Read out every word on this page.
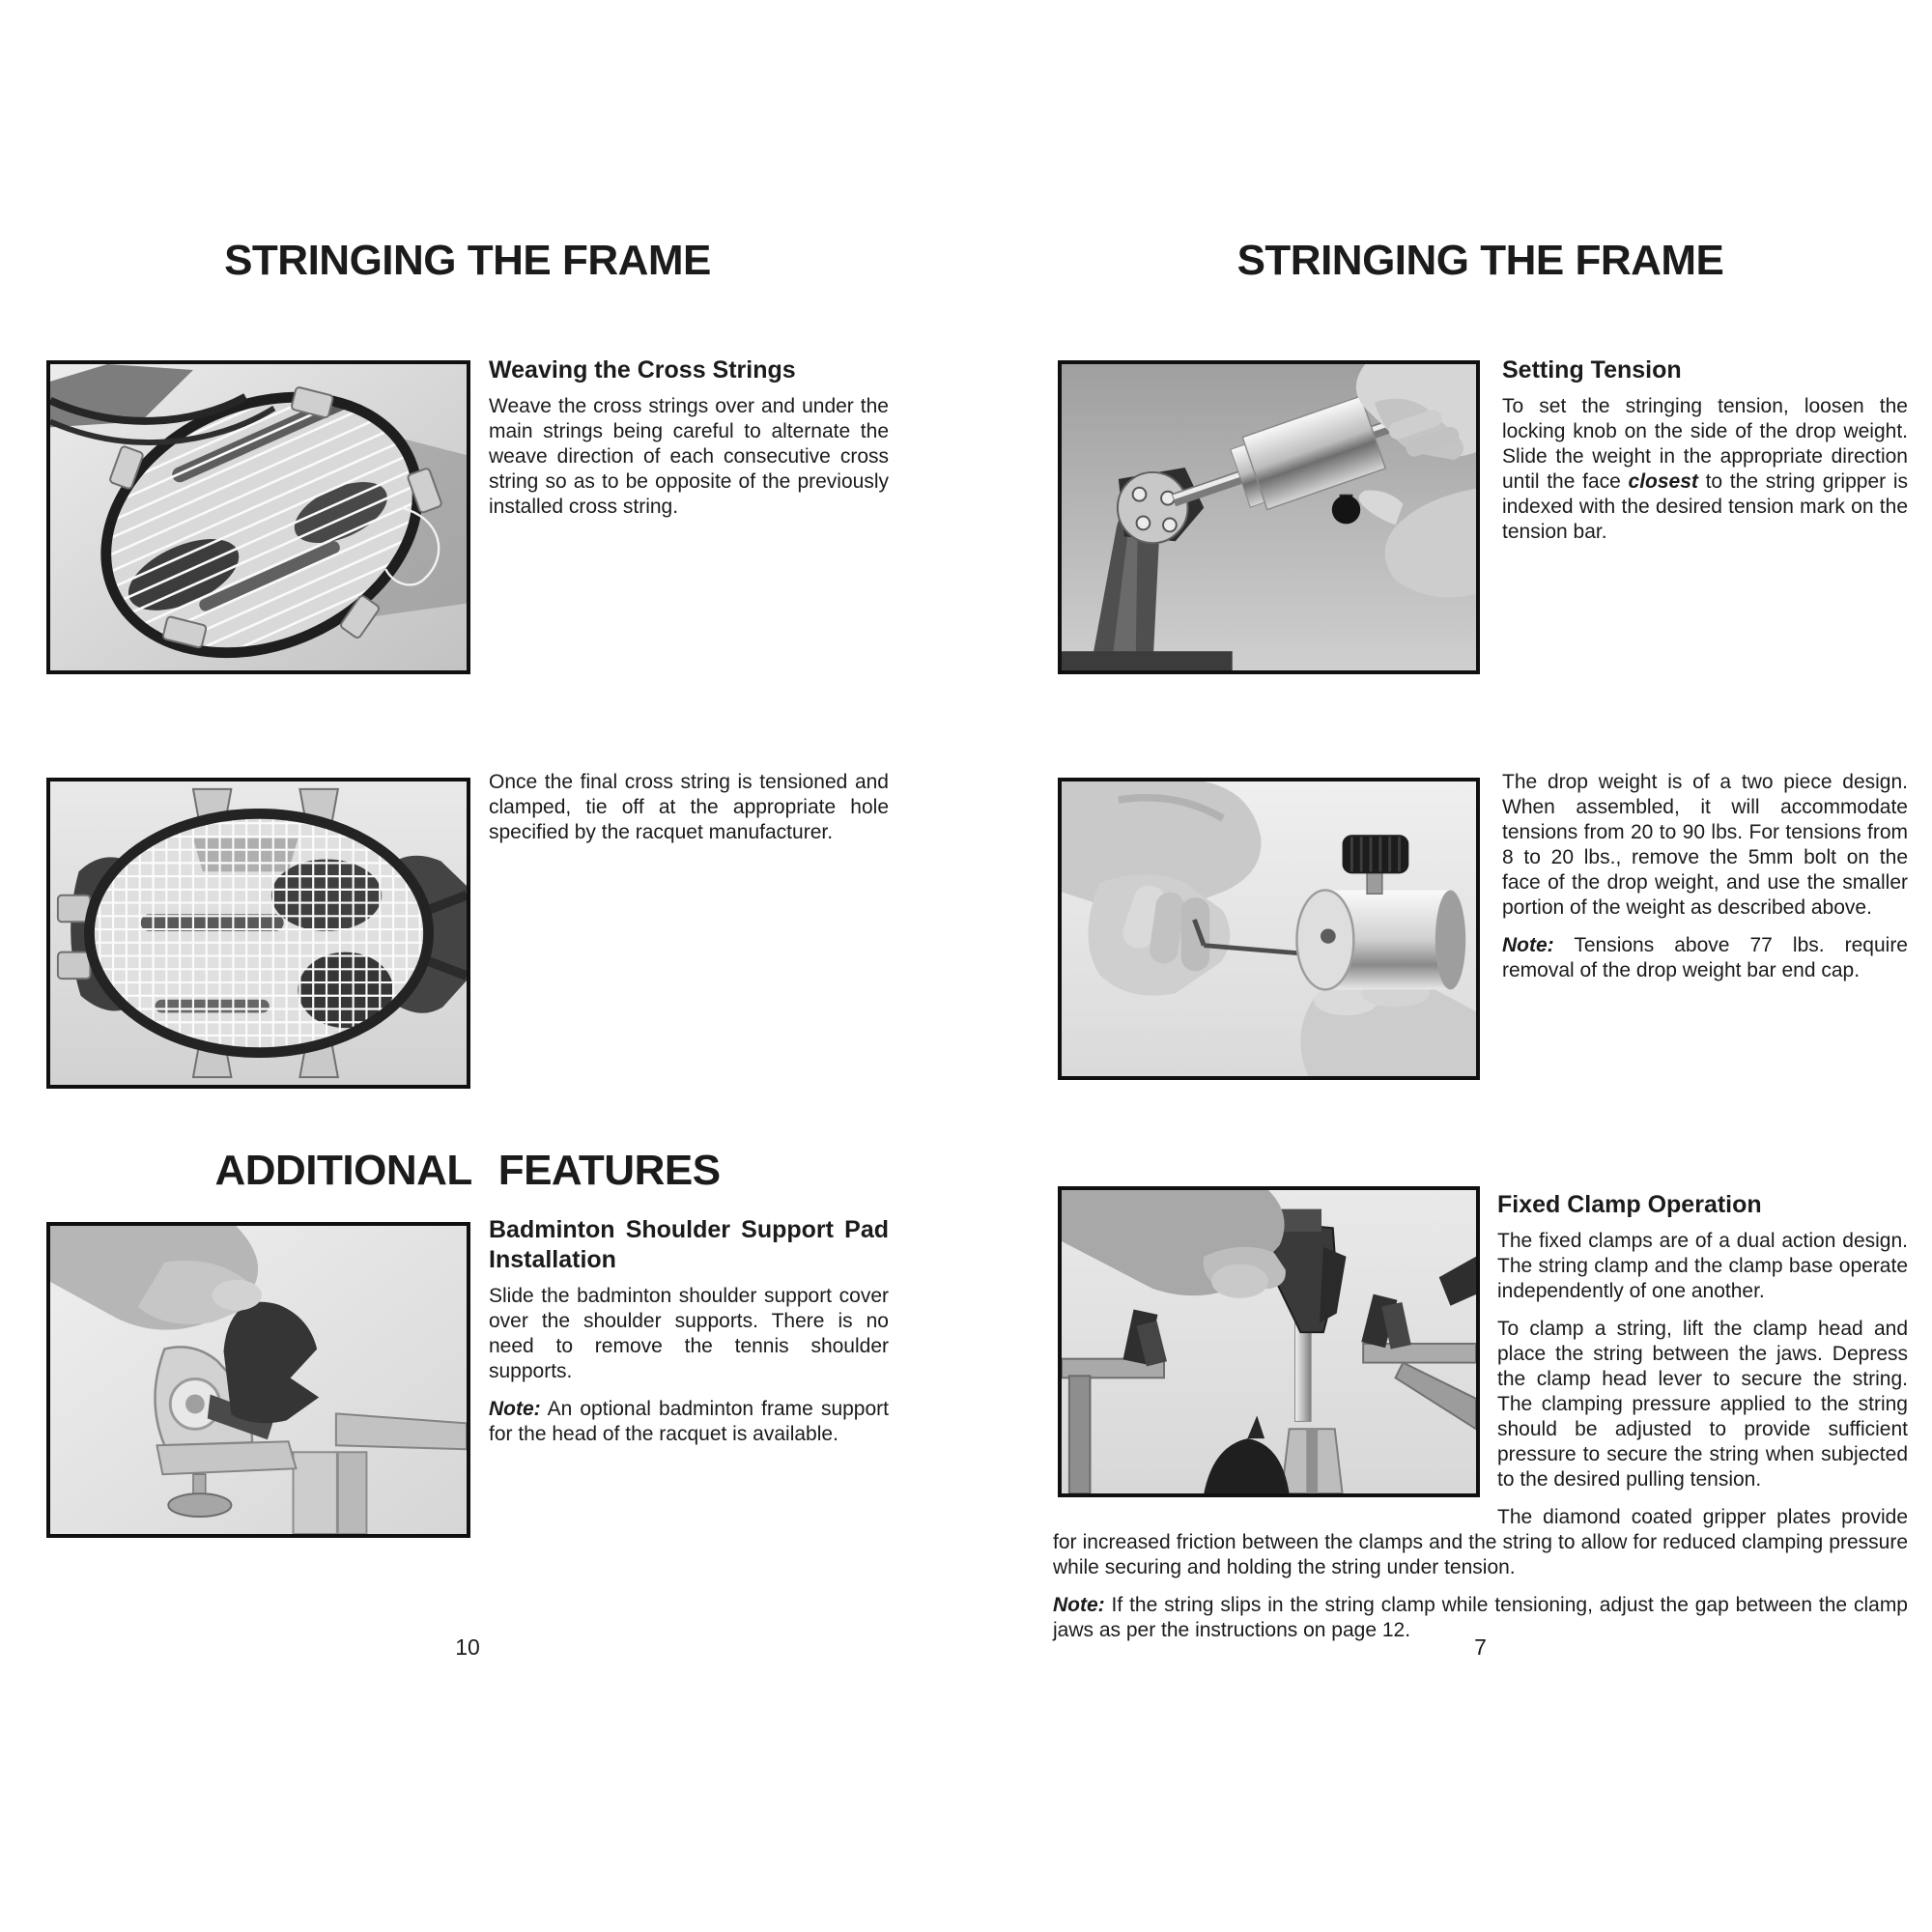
STRINGING THE FRAME
Weaving the Cross Strings

Weave the cross strings over and under the main strings being careful to alternate the weave direction of each consecutive cross string so as to be opposite of the previously installed cross string.

Once the final cross string is tensioned and clamped, tie off at the appropriate hole specified by the racquet manufacturer.

ADDITIONAL FEATURES
Badminton Shoulder Support Pad
Installation

Slide the badminton shoulder support cover over the shoulder supports. There is no need to remove the tennis shoulder supports.

Note: An optional badminton frame support for the head of the racquet is available.

10
STRINGING THE FRAME
Setting Tension

To set the stringing tension, loosen the locking knob on the side of the drop weight. Slide the weight in the appropriate direction until the face closest to the string gripper is indexed with the desired tension mark on the tension bar.

The drop weight is of a two piece design. When assembled, it will accommodate tensions from 20 to 90 lbs. For tensions from 8 to 20 lbs., remove the 5mm bolt on the face of the drop weight, and use the smaller portion of the weight as described above.

Note: Tensions above 77 lbs. require removal of the drop weight bar end cap.

Fixed Clamp Operation

The fixed clamps are of a dual action design. The string clamp and the clamp base operate independently of one another.

To clamp a string, lift the clamp head and place the string between the jaws. Depress the clamp head lever to secure the string. The clamping pressure applied to the string should be adjusted to provide sufficient pressure to secure the string when subjected to the desired pulling tension.

The diamond coated gripper plates provide for increased friction between the clamps and the string to allow for reduced clamping pressure while securing and holding the string under tension.

Note: If the string slips in the string clamp while tensioning, adjust the gap between the clamp jaws as per the instructions on page 12.

7
